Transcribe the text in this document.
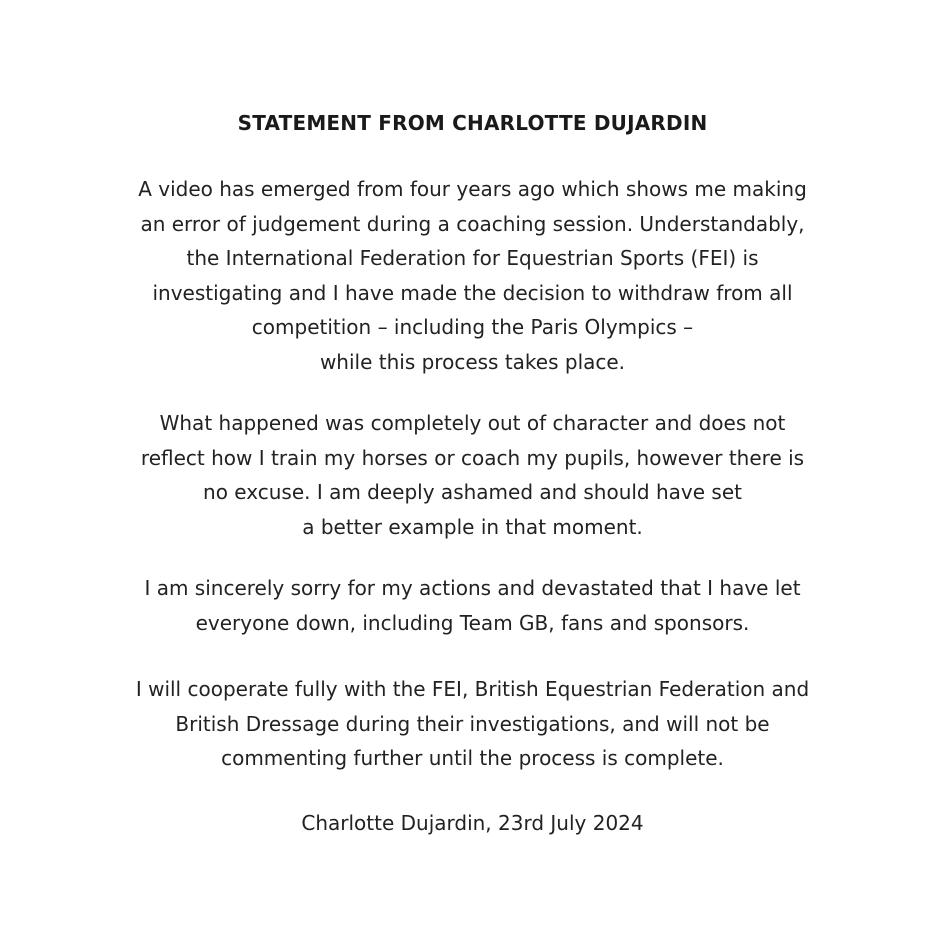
STATEMENT FROM CHARLOTTE DUJARDIN
A video has emerged from four years ago which shows me making
an error of judgement during a coaching session. Understandably,
the International Federation for Equestrian Sports (FEI) is
investigating and I have made the decision to withdraw from all
competition – including the Paris Olympics –
while this process takes place.
What happened was completely out of character and does not
reflect how I train my horses or coach my pupils, however there is
no excuse. I am deeply ashamed and should have set
a better example in that moment.
I am sincerely sorry for my actions and devastated that I have let
everyone down, including Team GB, fans and sponsors.
I will cooperate fully with the FEI, British Equestrian Federation and
British Dressage during their investigations, and will not be
commenting further until the process is complete.
Charlotte Dujardin, 23rd July 2024
